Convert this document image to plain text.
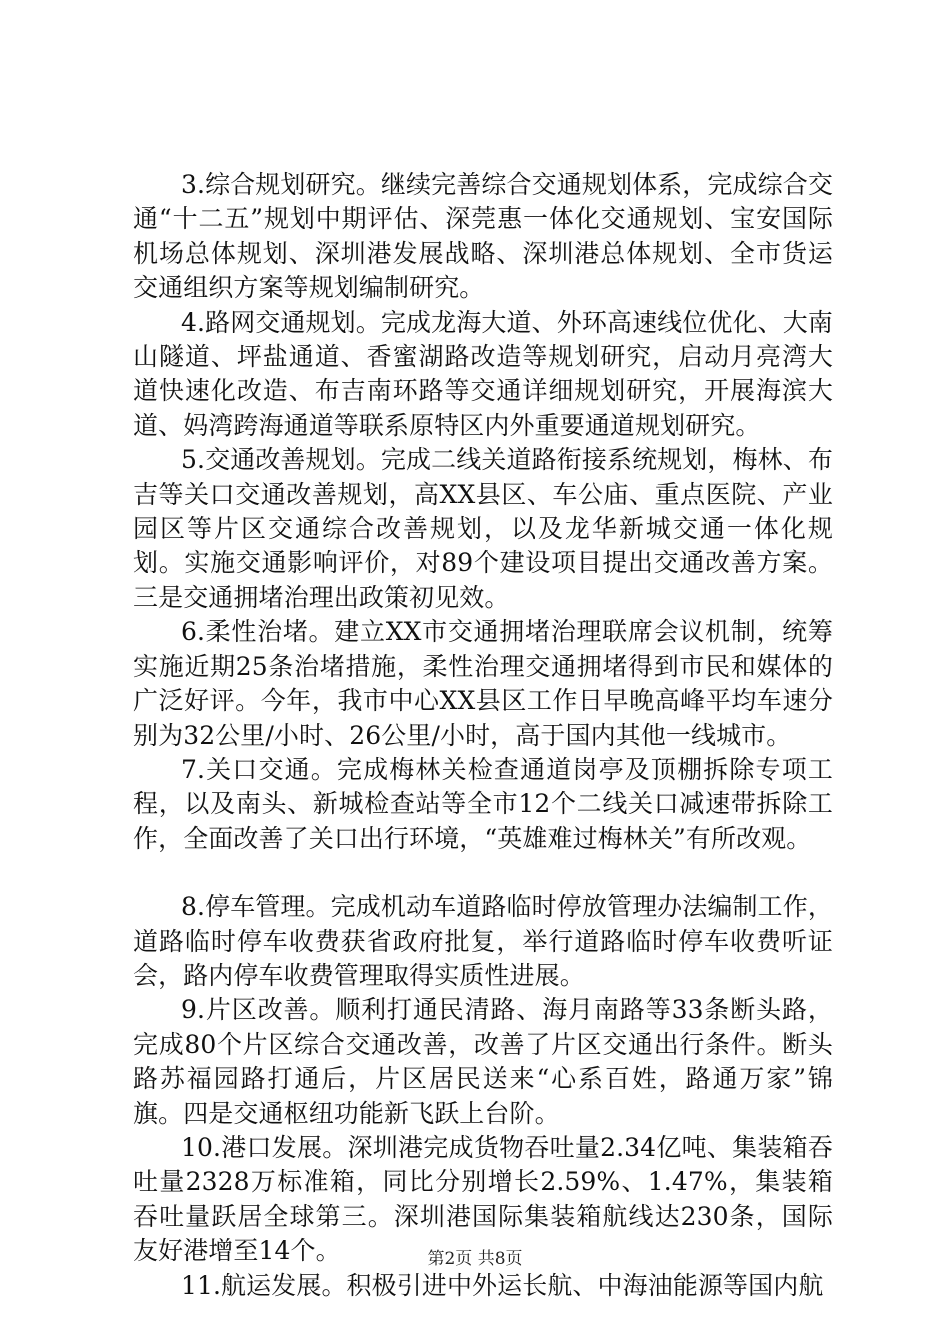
3.综合规划研究。继续完善综合交通规划体系，完成综合交通“十二五”规划中期评估、深莞惠一体化交通规划、宝安国际机场总体规划、深圳港发展战略、深圳港总体规划、全市货运交通组织方案等规划编制研究。

4.路网交通规划。完成龙海大道、外环高速线位优化、大南山隧道、坪盐通道、香蜜湖路改造等规划研究，启动月亮湾大道快速化改造、布吉南环路等交通详细规划研究，开展海滨大道、妈湾跨海通道等联系原特区内外重要通道规划研究。

5.交通改善规划。完成二线关道路衔接系统规划，梅林、布吉等关口交通改善规划，高XX县区、车公庙、重点医院、产业园区等片区交通综合改善规划，以及龙华新城交通一体化规划。实施交通影响评价，对89个建设项目提出交通改善方案。三是交通拥堵治理出政策初见效。

6.柔性治堵。建立XX市交通拥堵治理联席会议机制，统筹实施近期25条治堵措施，柔性治理交通拥堵得到市民和媒体的广泛好评。今年，我市中心XX县区工作日早晚高峰平均车速分别为32公里/小时、26公里/小时，高于国内其他一线城市。

7.关口交通。完成梅林关检查通道岗亭及顶棚拆除专项工程，以及南头、新城检查站等全市12个二线关口减速带拆除工作，全面改善了关口出行环境，“英雄难过梅林关”有所改观。

8.停车管理。完成机动车道路临时停放管理办法编制工作，道路临时停车收费获省政府批复，举行道路临时停车收费听证会，路内停车收费管理取得实质性进展。

9.片区改善。顺利打通民清路、海月南路等33条断头路，完成80个片区综合交通改善，改善了片区交通出行条件。断头路苏福园路打通后，片区居民送来“心系百姓，路通万家”锦旗。四是交通枢纽功能新飞跃上台阶。

10.港口发展。深圳港完成货物吞吐量2.34亿吨、集装箱吞吐量2328万标准箱，同比分别增长2.59%、1.47%，集装箱吞吐量跃居全球第三。深圳港国际集装箱航线达230条，国际友好港增至14个。

11.航运发展。积极引进中外运长航、中海油能源等国内航

第2页 共8页
